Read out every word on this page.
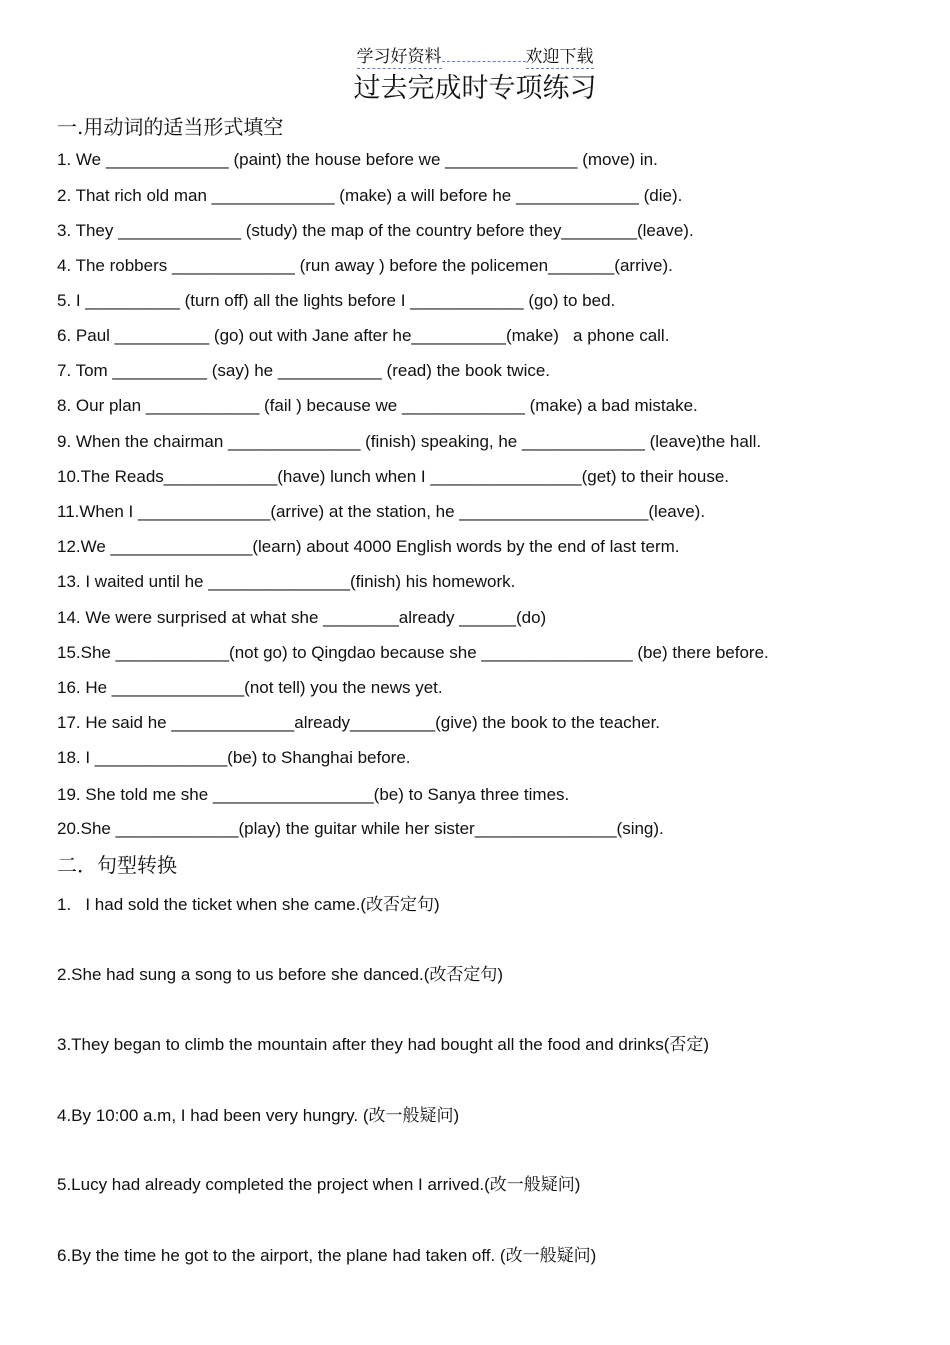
学习好资料	欢迎下载
过去完成时专项练习
一.用动词的适当形式填空
1. We _____________ (paint) the house before we ______________ (move) in.
2. That rich old man _____________ (make) a will before he _____________ (die).
3. They _____________ (study) the map of the country before they________(leave).
4. The robbers _____________ (run away ) before the policemen_______(arrive).
5. I __________ (turn off) all the lights before I ____________ (go) to bed.
6. Paul __________ (go) out with Jane after he__________(make)   a phone call.
7. Tom __________ (say) he ___________ (read) the book twice.
8. Our plan ____________ (fail ) because we _____________ (make) a bad mistake.
9. When the chairman ______________ (finish) speaking, he _____________ (leave)the hall.
10.The Reads____________(have) lunch when I ________________(get) to their house.
11.When I ______________(arrive) at the station, he ____________________(leave).
12.We _______________(learn) about 4000 English words by the end of last term.
13. I waited until he _______________(finish) his homework.
14. We were surprised at what she ________already ______(do)
15.She ____________(not go) to Qingdao because she ________________ (be) there before.
16. He ______________(not tell) you the news yet.
17. He said he _____________already_________(give) the book to the teacher.
18. I ______________(be) to Shanghai before.
19. She told me she _________________(be) to Sanya three times.
20.She _____________(play) the guitar while her sister_______________(sing).
二．句型转换
1.   I had sold the ticket when she came.(改否定句)
2.She had sung a song to us before she danced.(改否定句)
3.They began to climb the mountain after they had bought all the food and drinks(否定)
4.By 10:00 a.m, I had been very hungry. (改一般疑问)
5.Lucy had already completed the project when I arrived.(改一般疑问)
6.By the time he got to the airport, the plane had taken off. (改一般疑问)
